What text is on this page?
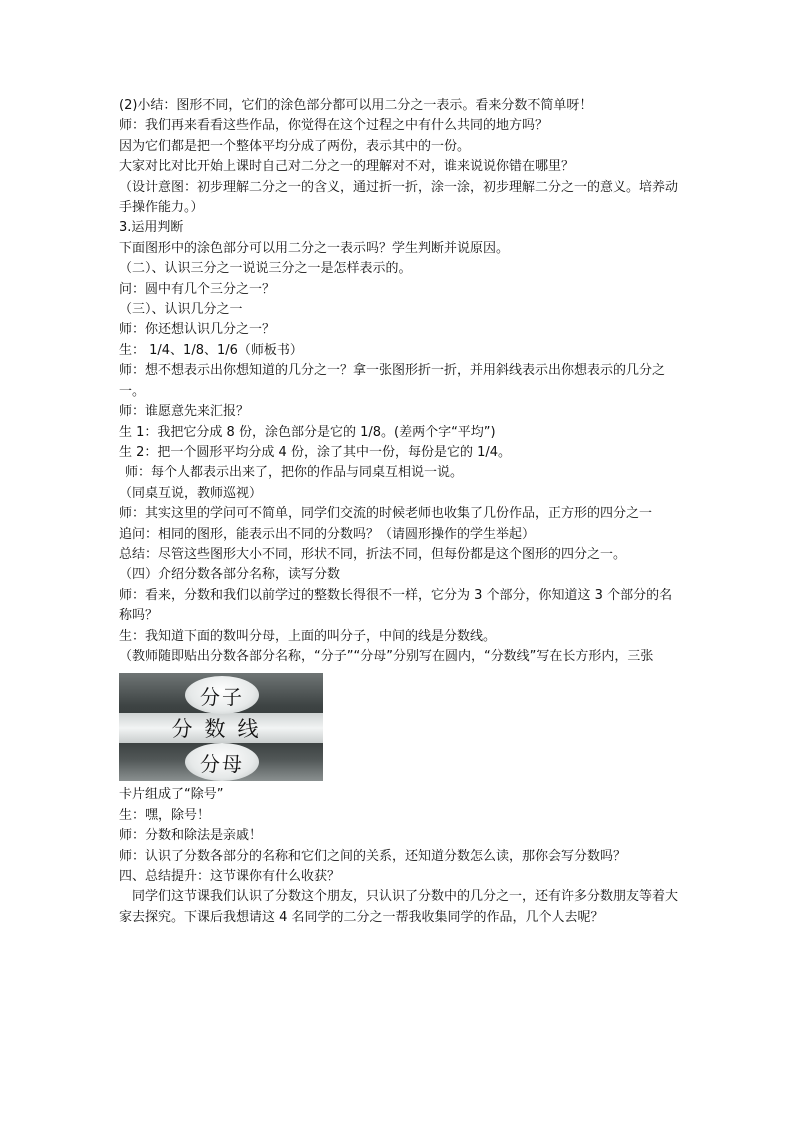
(2)小结：图形不同，它们的涂色部分都可以用二分之一表示。看来分数不简单呀！

师：我们再来看看这些作品，你觉得在这个过程之中有什么共同的地方吗？

因为它们都是把一个整体平均分成了两份，表示其中的一份。

大家对比对比开始上课时自己对二分之一的理解对不对，谁来说说你错在哪里？

（设计意图：初步理解二分之一的含义，通过折一折，涂一涂，初步理解二分之一的意义。培养动手操作能力。）

3.运用判断

下面图形中的涂色部分可以用二分之一表示吗？学生判断并说原因。

（二）、认识三分之一说说三分之一是怎样表示的。

问：圆中有几个三分之一？

（三）、认识几分之一

师：你还想认识几分之一？

生： 1/4、1/8、1/6（师板书）

师：想不想表示出你想知道的几分之一？拿一张图形折一折，并用斜线表示出你想表示的几分之一。

师：谁愿意先来汇报？

生 1：我把它分成 8 份，涂色部分是它的 1/8。(差两个字“平均”)

生 2：把一个圆形平均分成 4 份，涂了其中一份，每份是它的 1/4。

师：每个人都表示出来了，把你的作品与同桌互相说一说。

（同桌互说，教师巡视）

师：其实这里的学问可不简单，同学们交流的时候老师也收集了几份作品，正方形的四分之一

追问：相同的图形，能表示出不同的分数吗？（请圆形操作的学生举起）

总结：尽管这些图形大小不同，形状不同，折法不同，但每份都是这个图形的四分之一。

（四）介绍分数各部分名称，读写分数

师：看来，分数和我们以前学过的整数长得很不一样，它分为 3 个部分，你知道这 3 个部分的名称吗？

生：我知道下面的数叫分母，上面的叫分子，中间的线是分数线。

（教师随即贴出分数各部分名称，“分子”“分母”分别写在圆内，“分数线”写在长方形内，三张

分数线
分子
分母

卡片组成了“除号”

生：嘿，除号！

师：分数和除法是亲戚！

师：认识了分数各部分的名称和它们之间的关系，还知道分数怎么读，那你会写分数吗？

四、总结提升：这节课你有什么收获？

　同学们这节课我们认识了分数这个朋友，只认识了分数中的几分之一，还有许多分数朋友等着大家去探究。下课后我想请这 4 名同学的二分之一帮我收集同学的作品，几个人去呢？
